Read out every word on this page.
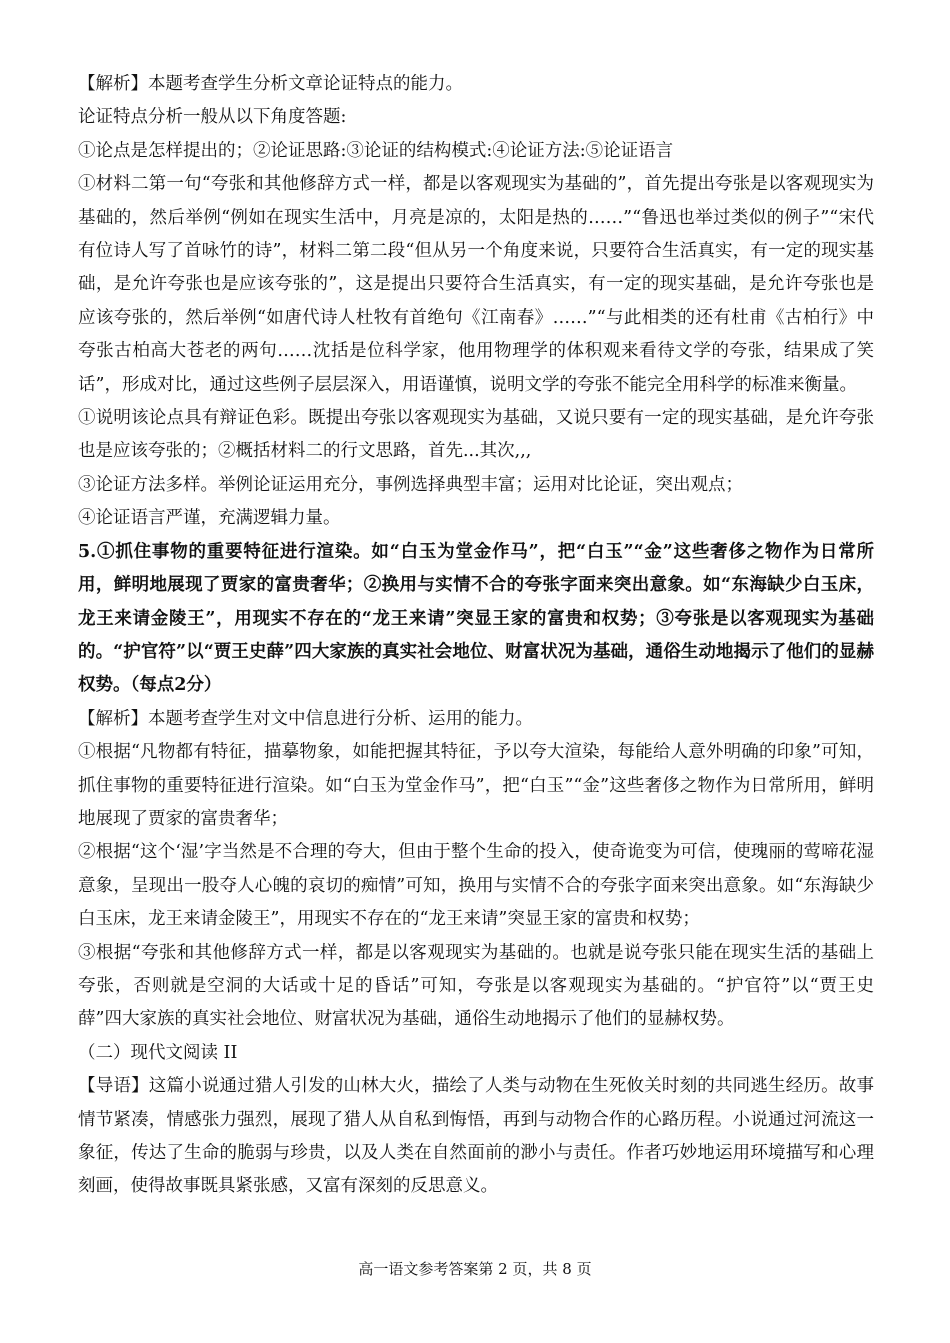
【解析】本题考查学生分析文章论证特点的能力。

论证特点分析一般从以下角度答题:

①论点是怎样提出的；②论证思路:③论证的结构模式:④论证方法:⑤论证语言

①材料二第一句“夸张和其他修辞方式一样，都是以客观现实为基础的”，首先提出夸张是以客观现实为基础的，然后举例“例如在现实生活中，月亮是凉的，太阳是热的……”“鲁迅也举过类似的例子”“宋代有位诗人写了首咏竹的诗”，材料二第二段“但从另一个角度来说，只要符合生活真实，有一定的现实基础，是允许夸张也是应该夸张的”，这是提出只要符合生活真实，有一定的现实基础，是允许夸张也是应该夸张的，然后举例“如唐代诗人杜牧有首绝句《江南春》……”“与此相类的还有杜甫《古柏行》中夸张古柏高大苍老的两句……沈括是位科学家，他用物理学的体积观来看待文学的夸张，结果成了笑话”，形成对比，通过这些例子层层深入，用语谨慎，说明文学的夸张不能完全用科学的标准来衡量。

①说明该论点具有辩证色彩。既提出夸张以客观现实为基础，又说只要有一定的现实基础，是允许夸张也是应该夸张的；②概括材料二的行文思路，首先...其次,,,

③论证方法多样。举例论证运用充分，事例选择典型丰富；运用对比论证，突出观点；

④论证语言严谨，充满逻辑力量。

5.①抓住事物的重要特征进行渲染。如“白玉为堂金作马”，把“白玉”“金”这些奢侈之物作为日常所用，鲜明地展现了贾家的富贵奢华；②换用与实情不合的夸张字面来突出意象。如“东海缺少白玉床，龙王来请金陵王”，用现实不存在的“龙王来请”突显王家的富贵和权势；③夸张是以客观现实为基础的。“护官符”以“贾王史薛”四大家族的真实社会地位、财富状况为基础，通俗生动地揭示了他们的显赫权势。（每点2分）

【解析】本题考查学生对文中信息进行分析、运用的能力。

①根据“凡物都有特征，描摹物象，如能把握其特征，予以夸大渲染，每能给人意外明确的印象”可知，抓住事物的重要特征进行渲染。如“白玉为堂金作马”，把“白玉”“金”这些奢侈之物作为日常所用，鲜明地展现了贾家的富贵奢华；

②根据“这个‘湿’字当然是不合理的夸大，但由于整个生命的投入，使奇诡变为可信，使瑰丽的莺啼花湿意象，呈现出一股夺人心魄的哀切的痴情”可知，换用与实情不合的夸张字面来突出意象。如“东海缺少白玉床，龙王来请金陵王”，用现实不存在的“龙王来请”突显王家的富贵和权势；

③根据“夸张和其他修辞方式一样，都是以客观现实为基础的。也就是说夸张只能在现实生活的基础上夸张，否则就是空洞的大话或十足的昏话”可知，夸张是以客观现实为基础的。“护官符”以“贾王史薛”四大家族的真实社会地位、财富状况为基础，通俗生动地揭示了他们的显赫权势。

（二）现代文阅读 II

【导语】这篇小说通过猎人引发的山林大火，描绘了人类与动物在生死攸关时刻的共同逃生经历。故事情节紧凑，情感张力强烈，展现了猎人从自私到悔悟，再到与动物合作的心路历程。小说通过河流这一象征，传达了生命的脆弱与珍贵，以及人类在自然面前的渺小与责任。作者巧妙地运用环境描写和心理刻画，使得故事既具紧张感，又富有深刻的反思意义。

高一语文参考答案第 2 页，共 8 页
